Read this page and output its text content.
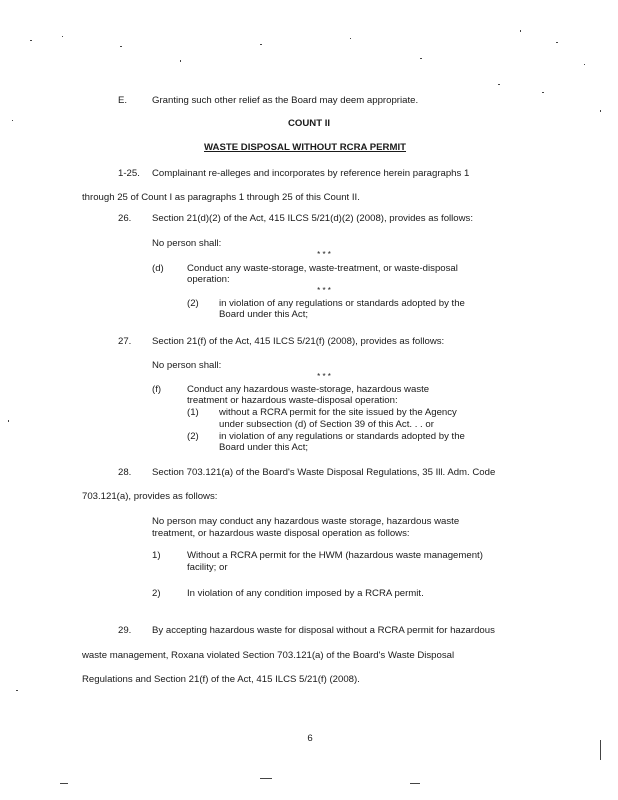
E.	Granting such other relief as the Board may deem appropriate.
COUNT II
WASTE DISPOSAL WITHOUT RCRA PERMIT
1-25. Complainant re-alleges and incorporates by reference herein paragraphs 1
through 25 of Count I as paragraphs 1 through 25 of this Count II.
26. Section 21(d)(2) of the Act, 415 ILCS 5/21(d)(2) (2008), provides as follows:
No person shall:
* * *
(d) Conduct any waste-storage, waste-treatment, or waste-disposal
operation:
* * *
(2) in violation of any regulations or standards adopted by the
Board under this Act;
27. Section 21(f) of the Act, 415 ILCS 5/21(f) (2008), provides as follows:
No person shall:
* * *
(f)	Conduct any hazardous waste-storage, hazardous waste
treatment or hazardous waste-disposal operation:
(1) without a RCRA permit for the site issued by the Agency
under subsection (d) of Section 39 of this Act. . . or
(2) in violation of any regulations or standards adopted by the
Board under this Act;
28. Section 703.121(a) of the Board's Waste Disposal Regulations, 35 Ill. Adm. Code
703.121(a), provides as follows:
No person may conduct any hazardous waste storage, hazardous waste
treatment, or hazardous waste disposal operation as follows:
1)	Without a RCRA permit for the HWM (hazardous waste management)
facility; or
2)	In violation of any condition imposed by a RCRA permit.
29. By accepting hazardous waste for disposal without a RCRA permit for hazardous
waste management, Roxana violated Section 703.121(a) of the Board's Waste Disposal
Regulations and Section 21(f) of the Act, 415 ILCS 5/21(f) (2008).
6
